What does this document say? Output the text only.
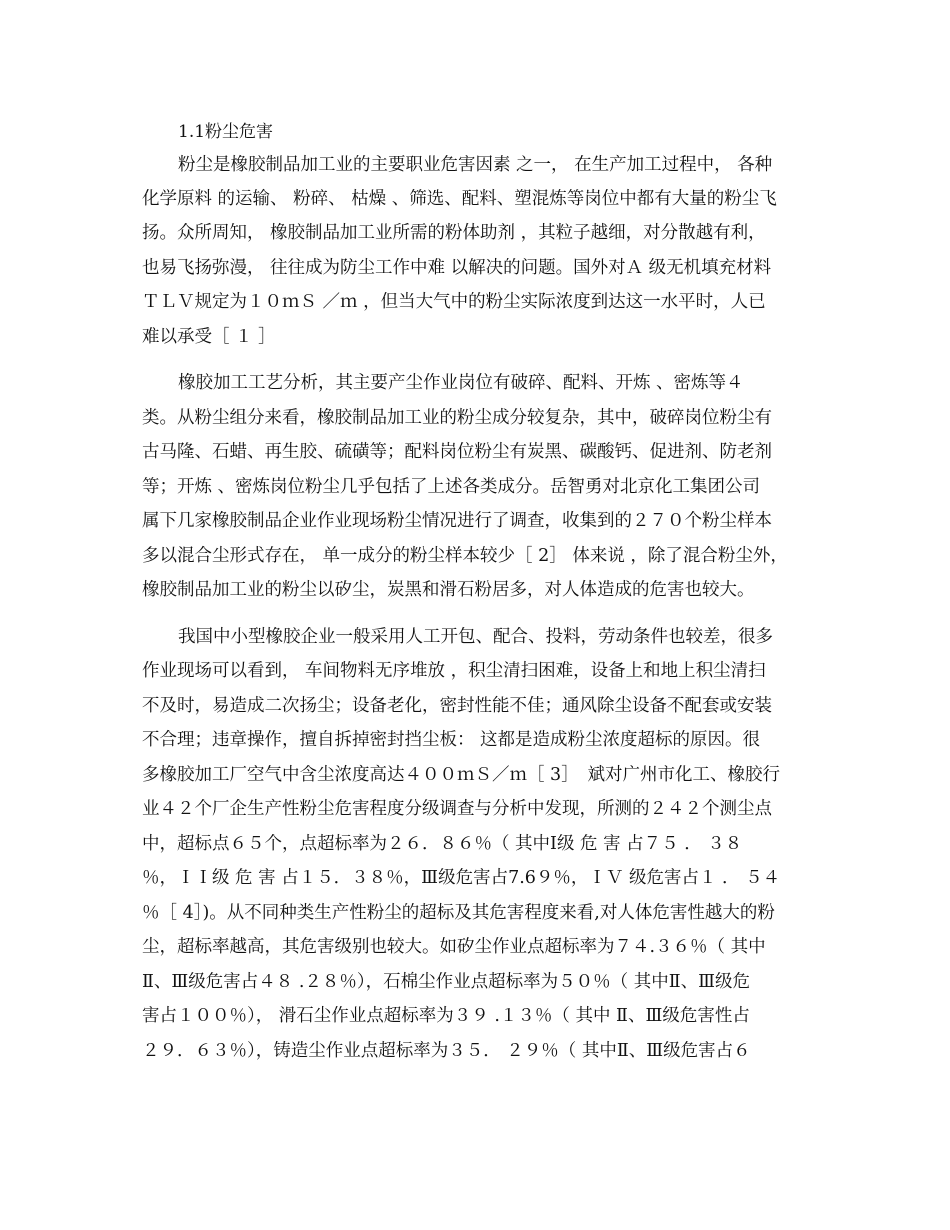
1.1粉尘危害
粉尘是橡胶制品加工业的主要职业危害因素 之一， 在生产加工过程中， 各种
化学原料 的运输、 粉碎、 枯燥 、筛选、配料、塑混炼等岗位中都有大量的粉尘飞
扬。众所周知， 橡胶制品加工业所需的粉体助剂 ，其粒子越细，对分散越有利，
也易飞扬弥漫， 往往成为防尘工作中难 以解决的问题。国外对Ａ 级无机填充材料
ＴＬＶ规定为１０ｍＳ ／ｍ ，但当大气中的粉尘实际浓度到达这一水平时，人已
难以承受［ １ ］
橡胶加工工艺分析，其主要产尘作业岗位有破碎、配料、开炼 、密炼等４
类。从粉尘组分来看，橡胶制品加工业的粉尘成分较复杂，其中，破碎岗位粉尘有
古马隆、石蜡、再生胶、硫磺等；配料岗位粉尘有炭黑、碳酸钙、促进剂、防老剂
等；开炼 、密炼岗位粉尘几乎包括了上述各类成分。岳智勇对北京化工集团公司
属下几家橡胶制品企业作业现场粉尘情况进行了调查，收集到的２７０个粉尘样本
多以混合尘形式存在， 单一成分的粉尘样本较少［ 2］ 体来说 ，除了混合粉尘外，
橡胶制品加工业的粉尘以矽尘，炭黑和滑石粉居多，对人体造成的危害也较大。
我国中小型橡胶企业一般采用人工开包、配合、投料，劳动条件也较差，很多
作业现场可以看到， 车间物料无序堆放 ，积尘清扫困难，设备上和地上积尘清扫
不及时，易造成二次扬尘；设备老化，密封性能不佳；通风除尘设备不配套或安装
不合理；违章操作，擅自拆掉密封挡尘板： 这都是造成粉尘浓度超标的原因。很
多橡胶加工厂空气中含尘浓度高达４００ｍＳ／ｍ［ 3］　斌对广州市化工、橡胶行
业４２个厂企生产性粉尘危害程度分级调查与分析中发现，所测的２４２个测尘点
中，超标点６５个，点超标率为２６．８６％（ 其中Ⅰ级 危 害 占７５ ． ３８
％，ＩＩ级 危 害 占１５．３８％，Ⅲ级危害占7.6９％，ＩＶ 级危害占１ ． ５４
％［ 4］)。从不同种类生产性粉尘的超标及其危害程度来看,对人体危害性越大的粉
尘，超标率越高，其危害级别也较大。如矽尘作业点超标率为７４.３６％（ 其中
Ⅱ、Ⅲ级危害占４８ .２８％），石棉尘作业点超标率为５０％（ 其中Ⅱ、Ⅲ级危
害占１００％）， 滑石尘作业点超标率为３９ .１３％（ 其中 Ⅱ、Ⅲ级危害性占
２９．６３％），铸造尘作业点超标率为３５． ２９％（ 其中Ⅱ、Ⅲ级危害占６
